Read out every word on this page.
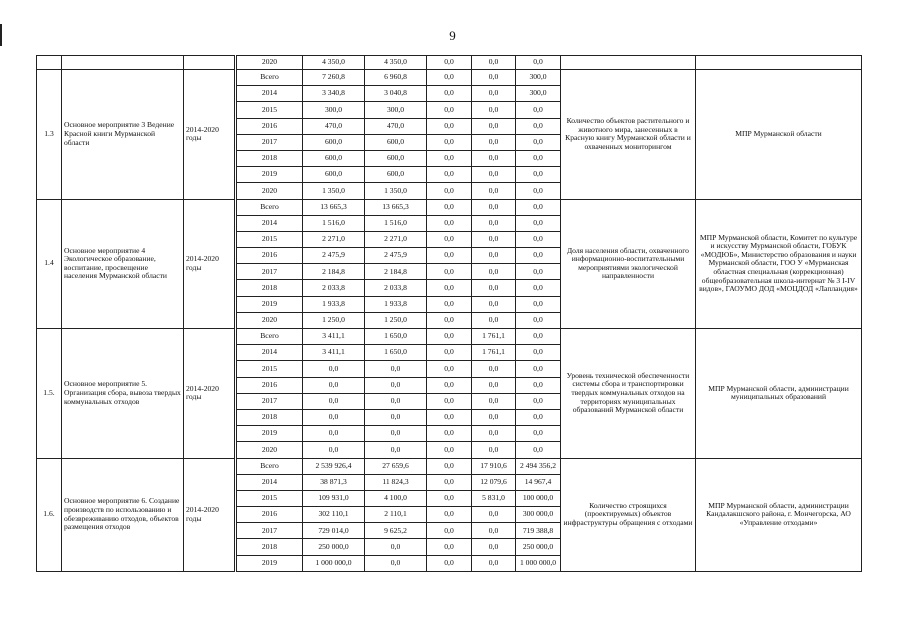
9
			2020	4 350,0	4 350,0	0,0	0,0	0,0		
1.3	Основное мероприятие 3 Ведение Красной книги Мурманской области	2014-2020 годы	Всего	7 260,8	6 960,8	0,0	0,0	300,0	Количество объектов растительного и животного мира, занесенных в Красную книгу Мурманской области и охваченных мониторингом	МПР Мурманской области
			2014	3 340,8	3 040,8	0,0	0,0	300,0		
			2015	300,0	300,0	0,0	0,0	0,0		
			2016	470,0	470,0	0,0	0,0	0,0		
			2017	600,0	600,0	0,0	0,0	0,0		
			2018	600,0	600,0	0,0	0,0	0,0		
			2019	600,0	600,0	0,0	0,0	0,0		
			2020	1 350,0	1 350,0	0,0	0,0	0,0		
1.4	Основное мероприятие 4 Экологическое образование, воспитание, просвещение населения Мурманской области	2014-2020 годы	Всего	13 665,3	13 665,3	0,0	0,0	0,0	Доля населения области, охваченного информационно-воспитательными мероприятиями экологической направленности	МПР Мурманской области, Комитет по культуре и искусству Мурманской области, ГОБУК «МОДЮБ», Министерство образования и науки Мурманской области, ГОО У «Мурманская областная специальная (коррекционная) общеобразовательная школа-интернат № 3 I-IV видов», ГАОУМО ДОД «МОЦДОД «Лапландия»
			2014	1 516,0	1 516,0	0,0	0,0	0,0		
			2015	2 271,0	2 271,0	0,0	0,0	0,0		
			2016	2 475,9	2 475,9	0,0	0,0	0,0		
			2017	2 184,8	2 184,8	0,0	0,0	0,0		
			2018	2 033,8	2 033,8	0,0	0,0	0,0		
			2019	1 933,8	1 933,8	0,0	0,0	0,0		
			2020	1 250,0	1 250,0	0,0	0,0	0,0		
1.5.	Основное мероприятие 5. Организация сбора, вывоза твердых коммунальных отходов	2014-2020 годы	Всего	3 411,1	1 650,0	0,0	1 761,1	0,0	Уровень технической обеспеченности системы сбора и транспортировки твердых коммунальных отходов на территориях муниципальных образований Мурманской области	МПР Мурманской области, администрации муниципальных образований
			2014	3 411,1	1 650,0	0,0	1 761,1	0,0		
			2015	0,0	0,0	0,0	0,0	0,0		
			2016	0,0	0,0	0,0	0,0	0,0		
			2017	0,0	0,0	0,0	0,0	0,0		
			2018	0,0	0,0	0,0	0,0	0,0		
			2019	0,0	0,0	0,0	0,0	0,0		
			2020	0,0	0,0	0,0	0,0	0,0		
1.6.	Основное мероприятие 6. Создание производств по использованию и обезвреживанию отходов, объектов размещения отходов	2014-2020 годы	Всего	2 539 926,4	27 659,6	0,0	17 910,6	2 494 356,2	Количество строящихся (проектируемых) объектов инфраструктуры обращения с отходами	МПР Мурманской области, администрации Кандалакшского района, г. Мончегорска, АО «Управление отходами»
			2014	38 871,3	11 824,3	0,0	12 079,6	14 967,4		
			2015	109 931,0	4 100,0	0,0	5 831,0	100 000,0		
			2016	302 110,1	2 110,1	0,0	0,0	300 000,0		
			2017	729 014,0	9 625,2	0,0	0,0	719 388,8		
			2018	250 000,0	0,0	0,0	0,0	250 000,0		
			2019	1 000 000,0	0,0	0,0	0,0	1 000 000,0		
